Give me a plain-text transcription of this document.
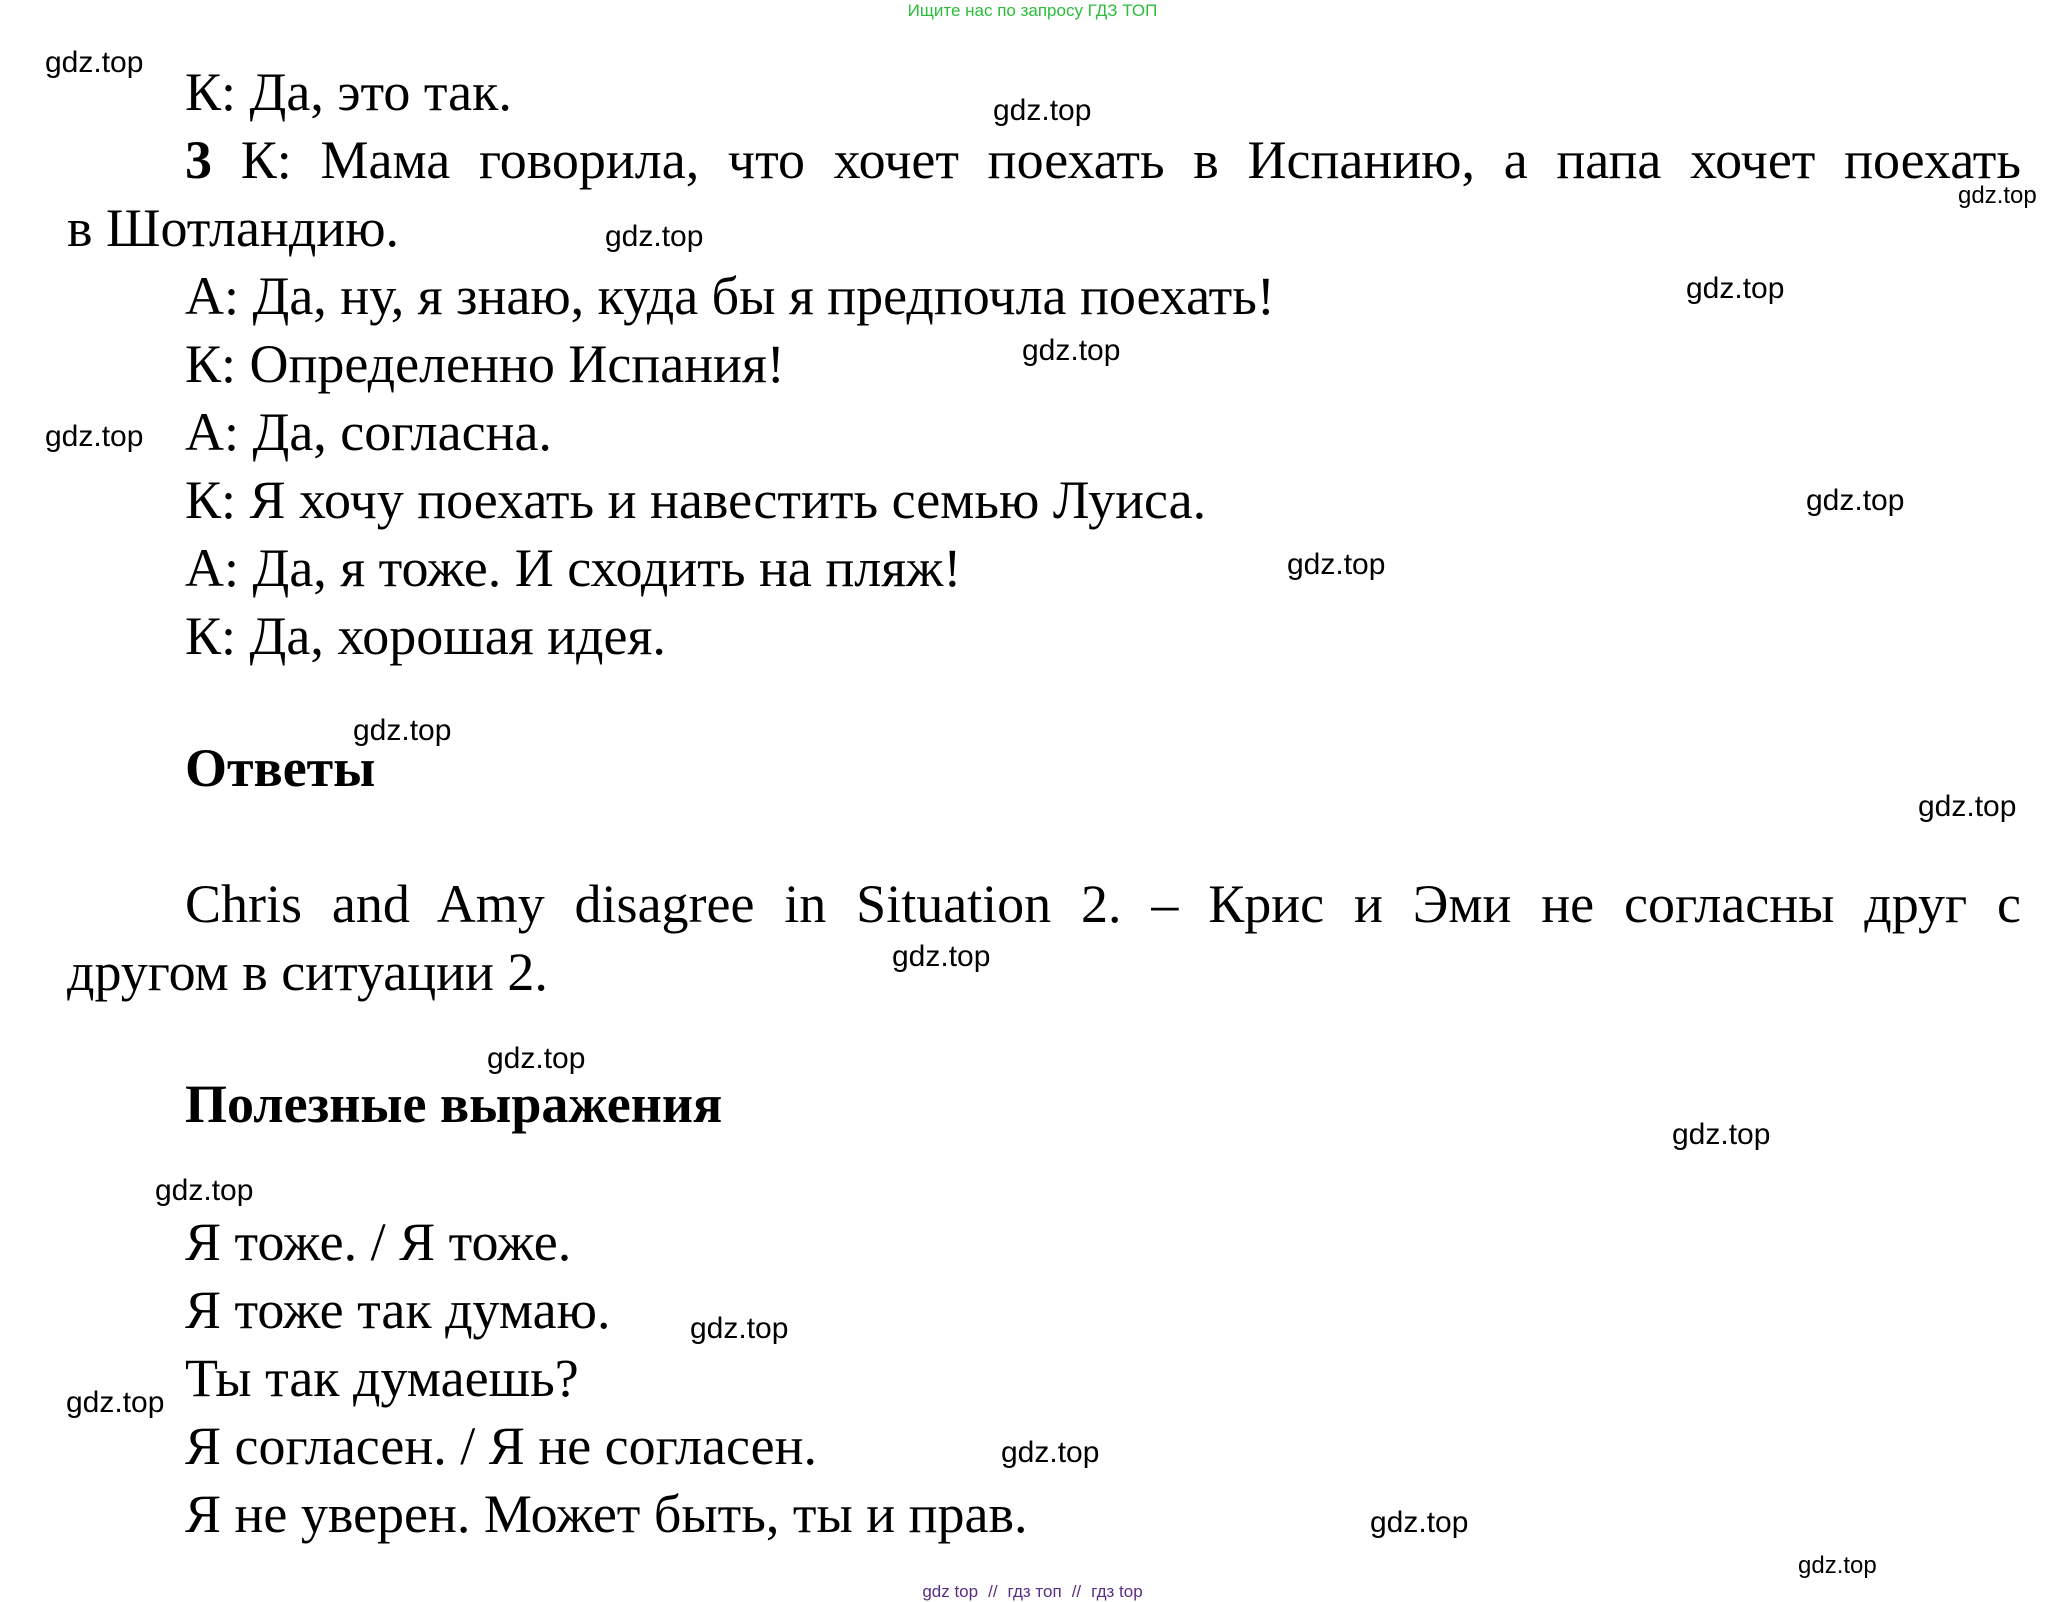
Ищите нас по запросу ГДЗ ТОП
К: Да, это так.
3 К: Мама говорила, что хочет поехать в Испанию, а папа хочет поехать
в Шотландию.
А: Да, ну, я знаю, куда бы я предпочла поехать!
К: Определенно Испания!
А: Да, согласна.
К: Я хочу поехать и навестить семью Луиса.
А: Да, я тоже. И сходить на пляж!
К: Да, хорошая идея.
Ответы
Chris and Amy disagree in Situation 2. – Крис и Эми не согласны друг с
другом в ситуации 2.
Полезные выражения
Я тоже. / Я тоже.
Я тоже так думаю.
Ты так думаешь?
Я согласен. / Я не согласен.
Я не уверен. Может быть, ты и прав.
gdz.top
gdz.top
gdz.top
gdz.top
gdz.top
gdz.top
gdz.top
gdz.top
gdz.top
gdz.top
gdz.top
gdz.top
gdz.top
gdz.top
gdz.top
gdz.top
gdz.top
gdz.top
gdz.top
gdz.top
gdz top // гдз топ // гдз top
